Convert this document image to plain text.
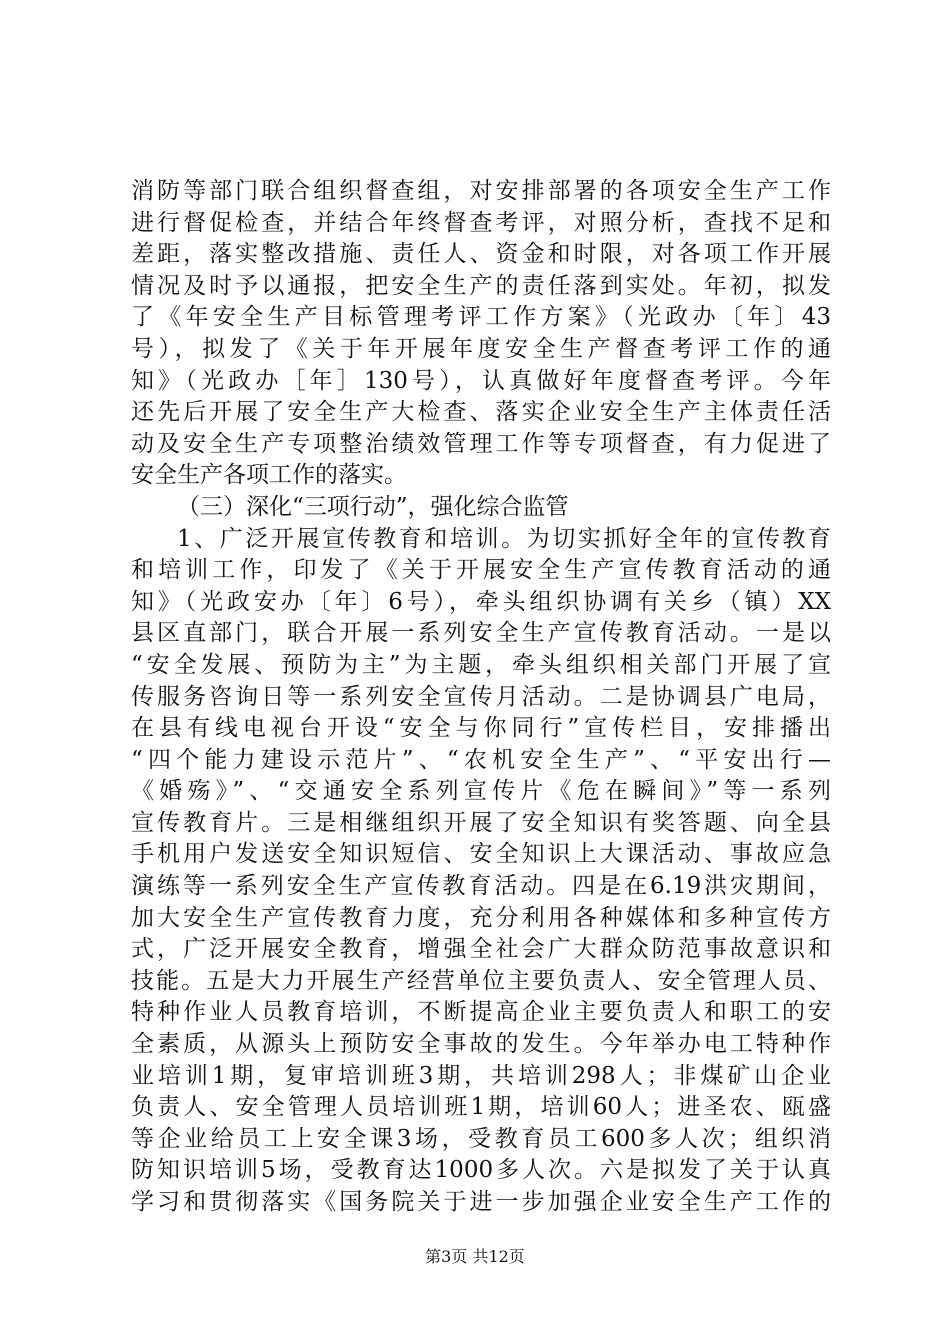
消防等部门联合组织督查组，对安排部署的各项安全生产工作
进行督促检查，并结合年终督查考评，对照分析，查找不足和
差距，落实整改措施、责任人、资金和时限，对各项工作开展
情况及时予以通报，把安全生产的责任落到实处。年初，拟发
了《年安全生产目标管理考评工作方案》（光政办〔年〕43
号），拟发了《关于年开展年度安全生产督查考评工作的通
知》（光政办［年］130号），认真做好年度督查考评。今年
还先后开展了安全生产大检查、落实企业安全生产主体责任活
动及安全生产专项整治绩效管理工作等专项督查，有力促进了
安全生产各项工作的落实。
（三）深化“三项行动”，强化综合监管
1、广泛开展宣传教育和培训。为切实抓好全年的宣传教育
和培训工作，印发了《关于开展安全生产宣传教育活动的通
知》（光政安办〔年〕6号），牵头组织协调有关乡（镇）XX
县区直部门，联合开展一系列安全生产宣传教育活动。一是以
“安全发展、预防为主”为主题，牵头组织相关部门开展了宣
传服务咨询日等一系列安全宣传月活动。二是协调县广电局，
在县有线电视台开设“安全与你同行”宣传栏目，安排播出
“四个能力建设示范片”、“农机安全生产”、“平安出行—
《婚殇》”、“交通安全系列宣传片《危在瞬间》”等一系列
宣传教育片。三是相继组织开展了安全知识有奖答题、向全县
手机用户发送安全知识短信、安全知识上大课活动、事故应急
演练等一系列安全生产宣传教育活动。四是在6.19洪灾期间，
加大安全生产宣传教育力度，充分利用各种媒体和多种宣传方
式，广泛开展安全教育，增强全社会广大群众防范事故意识和
技能。五是大力开展生产经营单位主要负责人、安全管理人员、
特种作业人员教育培训，不断提高企业主要负责人和职工的安
全素质，从源头上预防安全事故的发生。今年举办电工特种作
业培训1期，复审培训班3期，共培训298人；非煤矿山企业
负责人、安全管理人员培训班1期，培训60人；进圣农、瓯盛
等企业给员工上安全课3场，受教育员工600多人次；组织消
防知识培训5场，受教育达1000多人次。六是拟发了关于认真
学习和贯彻落实《国务院关于进一步加强企业安全生产工作的
第3页 共12页
